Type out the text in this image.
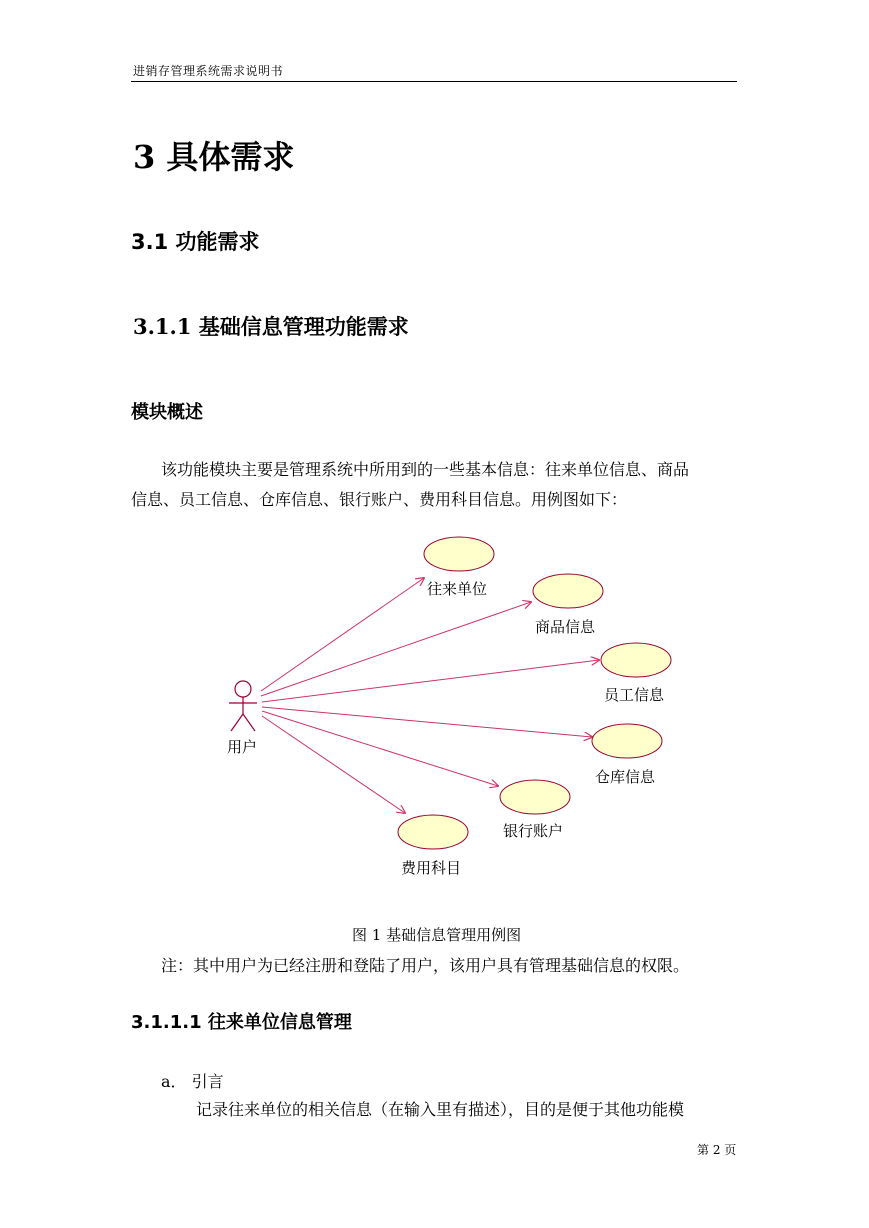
进销存管理系统需求说明书
3 具体需求
3.1 功能需求
3.1.1 基础信息管理功能需求
模块概述
该功能模块主要是管理系统中所用到的一些基本信息：往来单位信息、商品
信息、员工信息、仓库信息、银行账户、费用科目信息。用例图如下：
用户
往来单位
商品信息
员工信息
仓库信息
银行账户
费用科目
图 1 基础信息管理用例图
注：其中用户为已经注册和登陆了用户，该用户具有管理基础信息的权限。
3.1.1.1 往来单位信息管理
a． 引言
记录往来单位的相关信息（在输入里有描述），目的是便于其他功能模
第 2 页
